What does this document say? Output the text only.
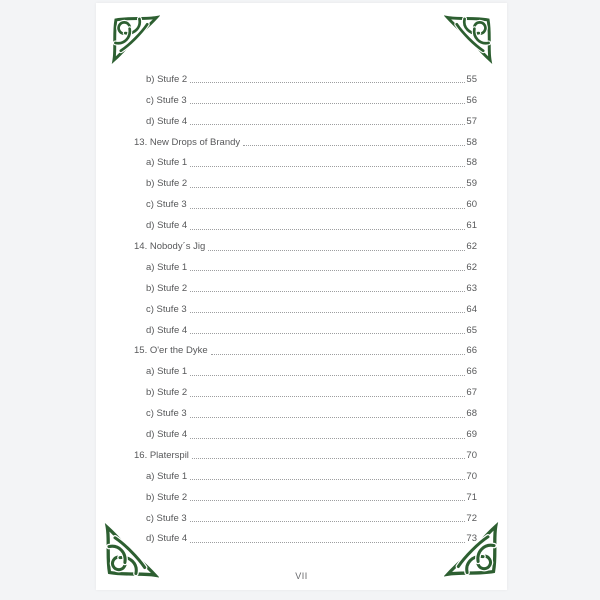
b) Stufe 2	55
c) Stufe 3	56
d) Stufe 4	57
13. New Drops of Brandy	58
a) Stufe 1	58
b) Stufe 2	59
c) Stufe 3	60
d) Stufe 4	61
14. Nobody´s Jig	62
a) Stufe 1	62
b) Stufe 2	63
c) Stufe 3	64
d) Stufe 4	65
15. O'er the Dyke	66
a) Stufe 1	66
b) Stufe 2	67
c) Stufe 3	68
d) Stufe 4	69
16. Platerspil	70
a) Stufe 1	70
b) Stufe 2	71
c) Stufe 3	72
d) Stufe 4	73
VII
